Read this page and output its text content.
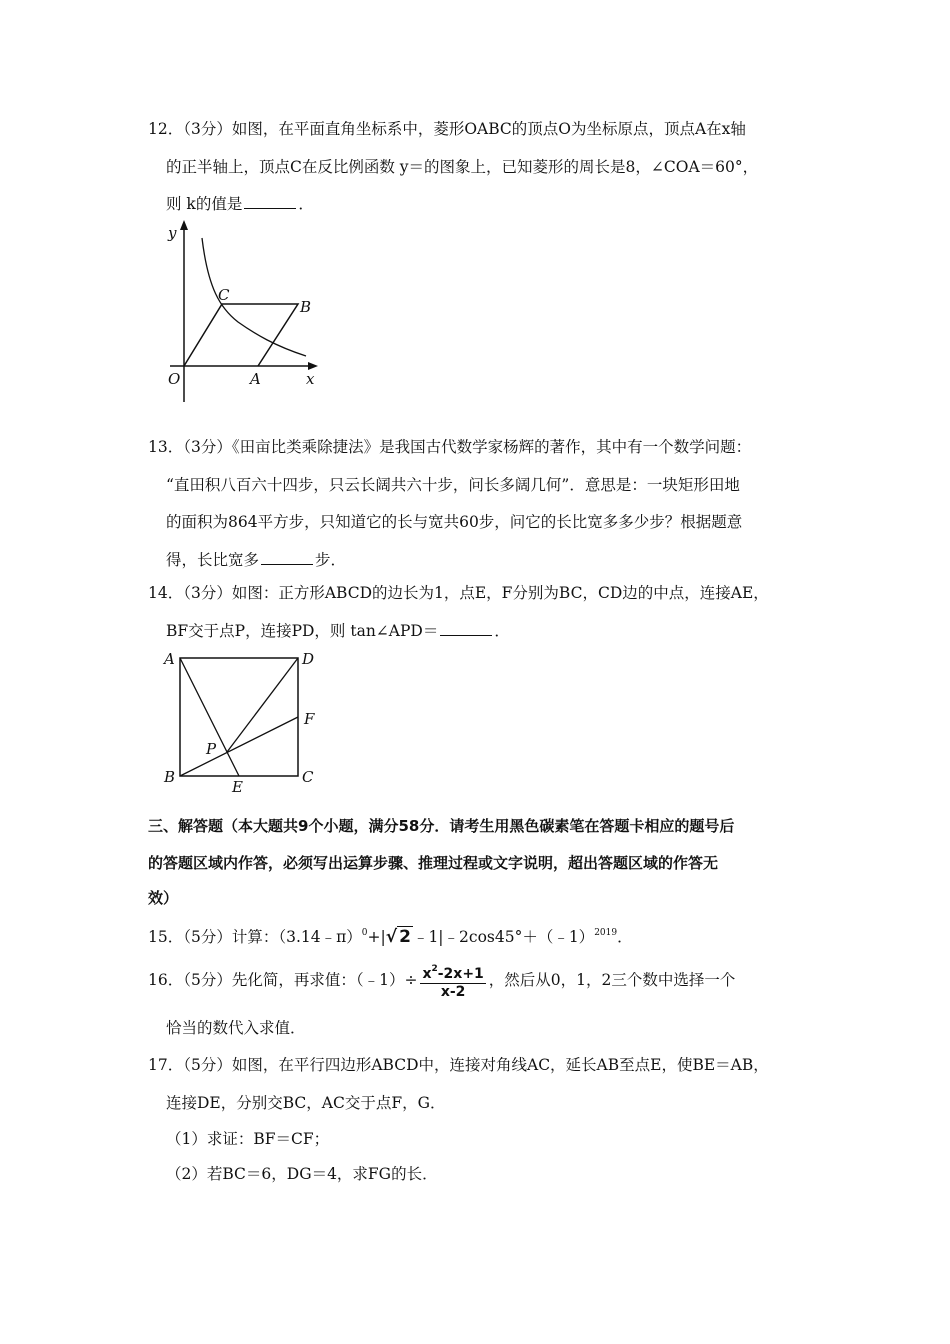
12．（3分）如图，在平面直角坐标系中，菱形OABC的顶点O为坐标原点，顶点A在x轴
的正半轴上，顶点C在反比例函数 y＝的图象上，已知菱形的周长是8，∠COA＝60°，
则 k的值是	．
y
x
O	A
B
C
13．（3分）《田亩比类乘除捷法》是我国古代数学家杨辉的著作，其中有一个数学问题：
“直田积八百六十四步，只云长阔共六十步，问长多阔几何”．意思是：一块矩形田地
的面积为864平方步，只知道它的长与宽共60步，问它的长比宽多多少步？根据题意
得，长比宽多	步．
14．（3分）如图：正方形ABCD的边长为1，点E，F分别为BC，CD边的中点，连接AE，
BF交于点P，连接PD，则 tan∠APD＝	．
A	D
F
P
B	C
E
三、解答题（本大题共9个小题，满分58分．请考生用黑色碳素笔在答题卡相应的题号后
的答题区域内作答，必须写出运算步骤、推理过程或文字说明，超出答题区域的作答无
效）
15．（5分）计算：（3.14﹣π）$^0$+|√ 2 ﹣1|﹣2cos45°＋（﹣1）$^{2019}$．
16．（5分）先化简，再求值：（﹣1）÷ $\frac{x^2-2x+1}{x-2}$ ，然后从0，1，2三个数中选择一个
恰当的数代入求值．
17．（5分）如图，在平行四边形ABCD中，连接对角线AC，延长AB至点E，使BE＝AB，
连接DE，分别交BC，AC交于点F，G．
（1）求证：BF＝CF；
（2）若BC＝6，DG＝4，求FG的长．
